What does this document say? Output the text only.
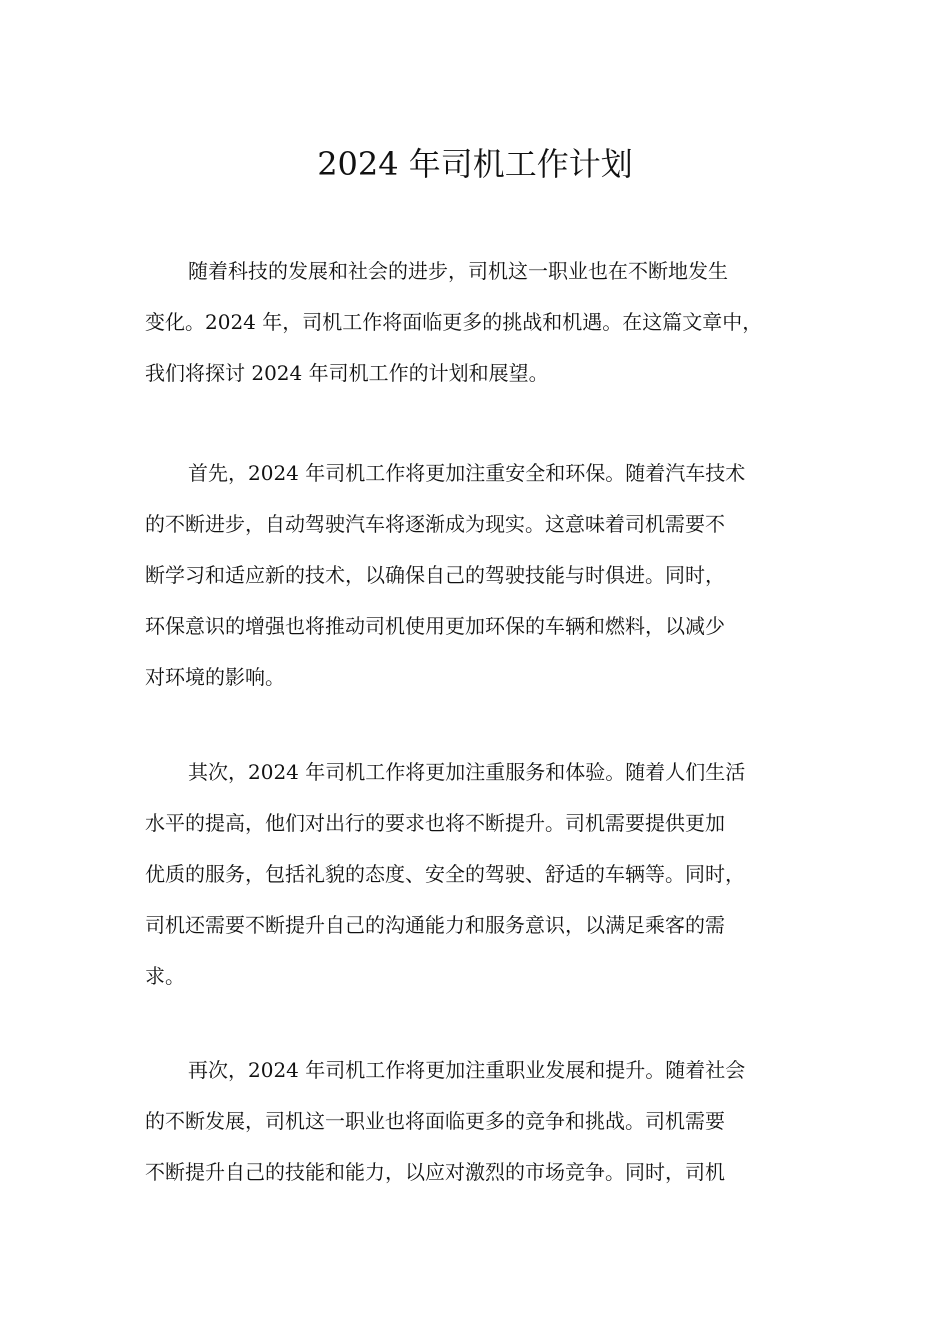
2024 年司机工作计划
随着科技的发展和社会的进步，司机这一职业也在不断地发生
变化。2024 年，司机工作将面临更多的挑战和机遇。在这篇文章中，
我们将探讨 2024 年司机工作的计划和展望。
首先，2024 年司机工作将更加注重安全和环保。随着汽车技术
的不断进步，自动驾驶汽车将逐渐成为现实。这意味着司机需要不
断学习和适应新的技术，以确保自己的驾驶技能与时俱进。同时，
环保意识的增强也将推动司机使用更加环保的车辆和燃料，以减少
对环境的影响。
其次，2024 年司机工作将更加注重服务和体验。随着人们生活
水平的提高，他们对出行的要求也将不断提升。司机需要提供更加
优质的服务，包括礼貌的态度、安全的驾驶、舒适的车辆等。同时，
司机还需要不断提升自己的沟通能力和服务意识，以满足乘客的需
求。
再次，2024 年司机工作将更加注重职业发展和提升。随着社会
的不断发展，司机这一职业也将面临更多的竞争和挑战。司机需要
不断提升自己的技能和能力，以应对激烈的市场竞争。同时，司机
